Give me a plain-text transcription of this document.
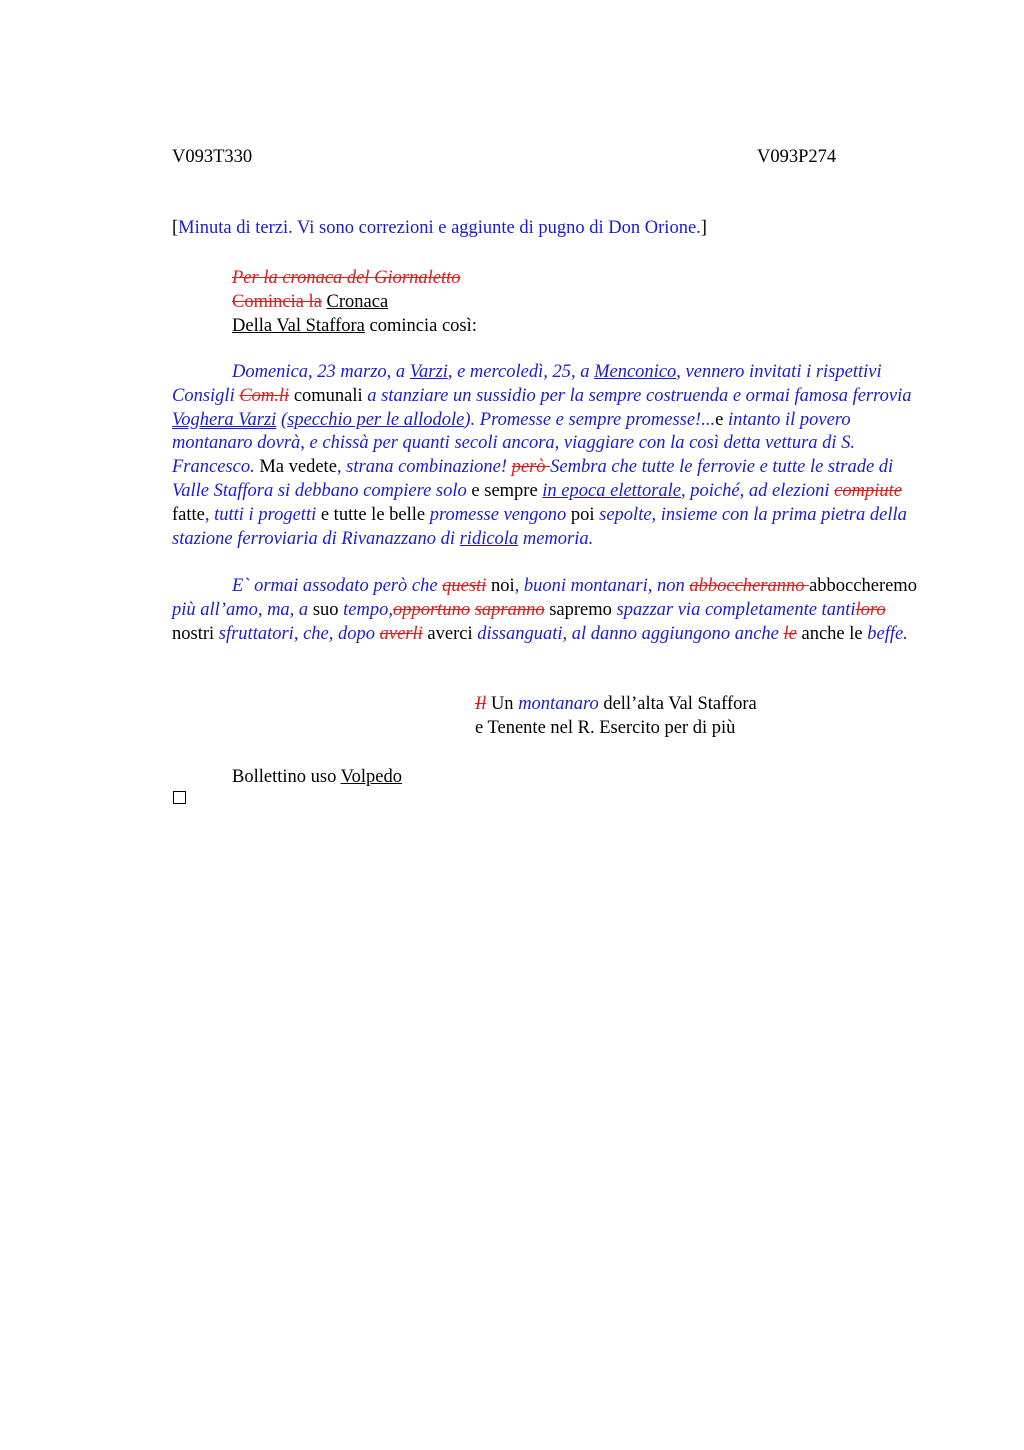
V093T330	V093P274
[Minuta di terzi. Vi sono correzioni e aggiunte di pugno di Don Orione.]
Per la cronaca del Giornaletto
Comincia la Cronaca
Della Val Staffora comincia così:
Domenica, 23 marzo, a Varzi, e mercoledì, 25, a Menconico, vennero invitati i rispettivi Consigli Com.li comunali a stanziare un sussidio per la sempre costruenda e ormai famosa ferrovia Voghera Varzi (specchio per le allodole). Promesse e sempre promesse!...e intanto il povero montanaro dovrà, e chissà per quanti secoli ancora, viaggiare con la così detta vettura di S. Francesco. Ma vedete, strana combinazione! però Sembra che tutte le ferrovie e tutte le strade di Valle Staffora si debbano compiere solo e sempre in epoca elettorale, poiché, ad elezioni compiute fatte, tutti i progetti e tutte le belle promesse vengono poi sepolte, insieme con la prima pietra della stazione ferroviaria di Rivanazzano di ridicola memoria.
E` ormai assodato però che questi noi, buoni montanari, non abboccheranno abboccheremo più all’amo, ma, a suo tempo,opportuno sapranno sapremo spazzar via completamente tantiloro nostri sfruttatori, che, dopo averli averci dissanguati, al danno aggiungono anche le anche le beffe.
Il Un montanaro dell’alta Val Staffora
e Tenente nel R. Esercito per di più
Bollettino uso Volpedo
